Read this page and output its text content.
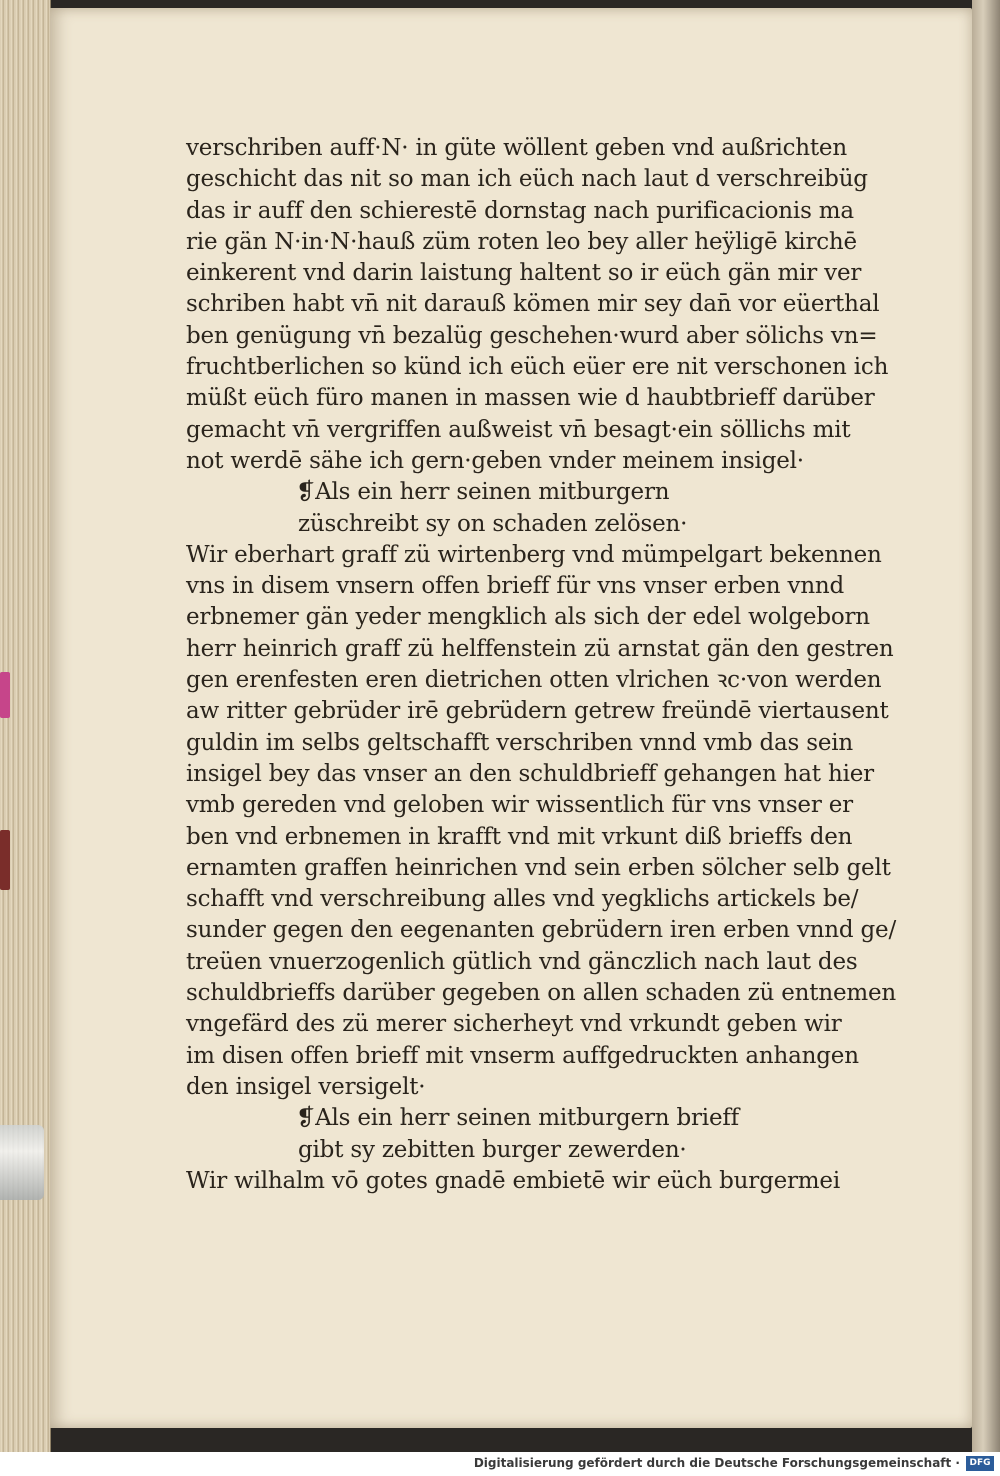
verschriben auff·N· in güte wöllent geben vnd außrichten
geschicht das nit so man ich eüch nach laut d verschreibüg
das ir auff den schierestē dornstag nach purificacionis ma
rie gän N·in·N·hauß züm roten leo bey aller heÿligē kirchē
einkerent vnd darin laistung haltent so ir eüch gän mir ver
schriben habt vn̄ nit darauß kömen mir sey dan̄ vor eüerthal
ben genügung vn̄ bezalüg geschehen·wurd aber sölichs vn=
fruchtberlichen so künd ich eüch eüer ere nit verschonen ich
müßt eüch füro manen in massen wie d haubtbrieff darüber
gemacht vn̄ vergriffen außweist vn̄ besagt·ein söllichs mit
not werdē sähe ich gern·geben vnder meinem insigel·
❡Als ein herr seinen mitburgern
züschreibt sy on schaden zelösen·
Wir eberhart graff zü wirtenberg vnd mümpelgart bekennen
vns in disem vnsern offen brieff für vns vnser erben vnnd
erbnemer gän yeder mengklich als sich der edel wolgeborn
herr heinrich graff zü helffenstein zü arnstat gän den gestren
gen erenfesten eren dietrichen otten vlrichen ꝛc·von werden
aw ritter gebrüder irē gebrüdern getrew freündē viertausent
guldin im selbs geltschafft verschriben vnnd vmb das sein
insigel bey das vnser an den schuldbrieff gehangen hat hier
vmb gereden vnd geloben wir wissentlich für vns vnser er
ben vnd erbnemen in krafft vnd mit vrkunt diß brieffs den
ernamten graffen heinrichen vnd sein erben sölcher selb gelt
schafft vnd verschreibung alles vnd yegklichs artickels be/
sunder gegen den eegenanten gebrüdern iren erben vnnd ge/
treüen vnuerzogenlich gütlich vnd gänczlich nach laut des
schuldbrieffs darüber gegeben on allen schaden zü entnemen
vngefärd des zü merer sicherheyt vnd vrkundt geben wir
im disen offen brieff mit vnserm auffgedruckten anhangen
den insigel versigelt·
❡Als ein herr seinen mitburgern brieff
gibt sy zebitten burger zewerden·
Wir wilhalm vō gotes gnadē embietē wir eüch burgermei
Digitalisierung gefördert durch die Deutsche Forschungsgemeinschaft ·	DFG
